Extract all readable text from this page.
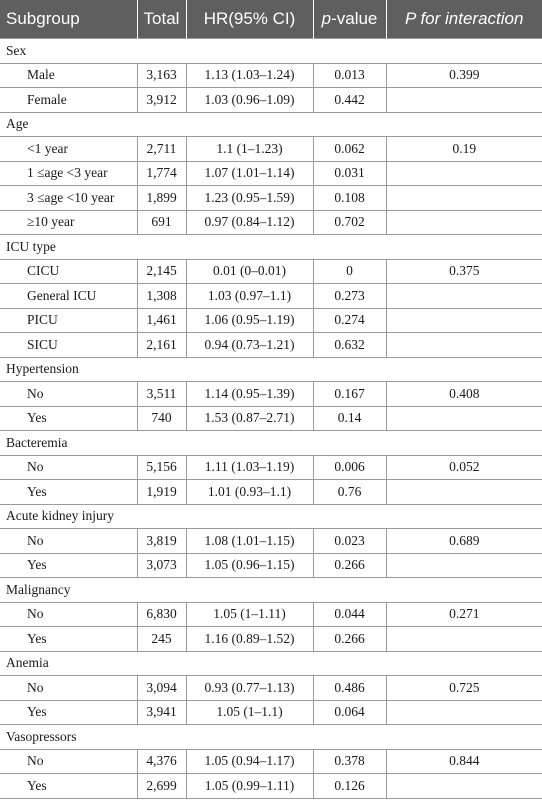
Subgroup	Total	HR(95% CI)	p-value	P for interaction
Sex				
Male	3,163	1.13 (1.03–1.24)	0.013	0.399
Female	3,912	1.03 (0.96–1.09)	0.442	
Age				
<1 year	2,711	1.1 (1–1.23)	0.062	0.19
1 ≤age <3 year	1,774	1.07 (1.01–1.14)	0.031	
3 ≤age <10 year	1,899	1.23 (0.95–1.59)	0.108	
≥10 year	691	0.97 (0.84–1.12)	0.702	
ICU type				
CICU	2,145	0.01 (0–0.01)	0	0.375
General ICU	1,308	1.03 (0.97–1.1)	0.273	
PICU	1,461	1.06 (0.95–1.19)	0.274	
SICU	2,161	0.94 (0.73–1.21)	0.632	
Hypertension				
No	3,511	1.14 (0.95–1.39)	0.167	0.408
Yes	740	1.53 (0.87–2.71)	0.14	
Bacteremia				
No	5,156	1.11 (1.03–1.19)	0.006	0.052
Yes	1,919	1.01 (0.93–1.1)	0.76	
Acute kidney injury				
No	3,819	1.08 (1.01–1.15)	0.023	0.689
Yes	3,073	1.05 (0.96–1.15)	0.266	
Malignancy				
No	6,830	1.05 (1–1.11)	0.044	0.271
Yes	245	1.16 (0.89–1.52)	0.266	
Anemia				
No	3,094	0.93 (0.77–1.13)	0.486	0.725
Yes	3,941	1.05 (1–1.1)	0.064	
Vasopressors				
No	4,376	1.05 (0.94–1.17)	0.378	0.844
Yes	2,699	1.05 (0.99–1.11)	0.126	
